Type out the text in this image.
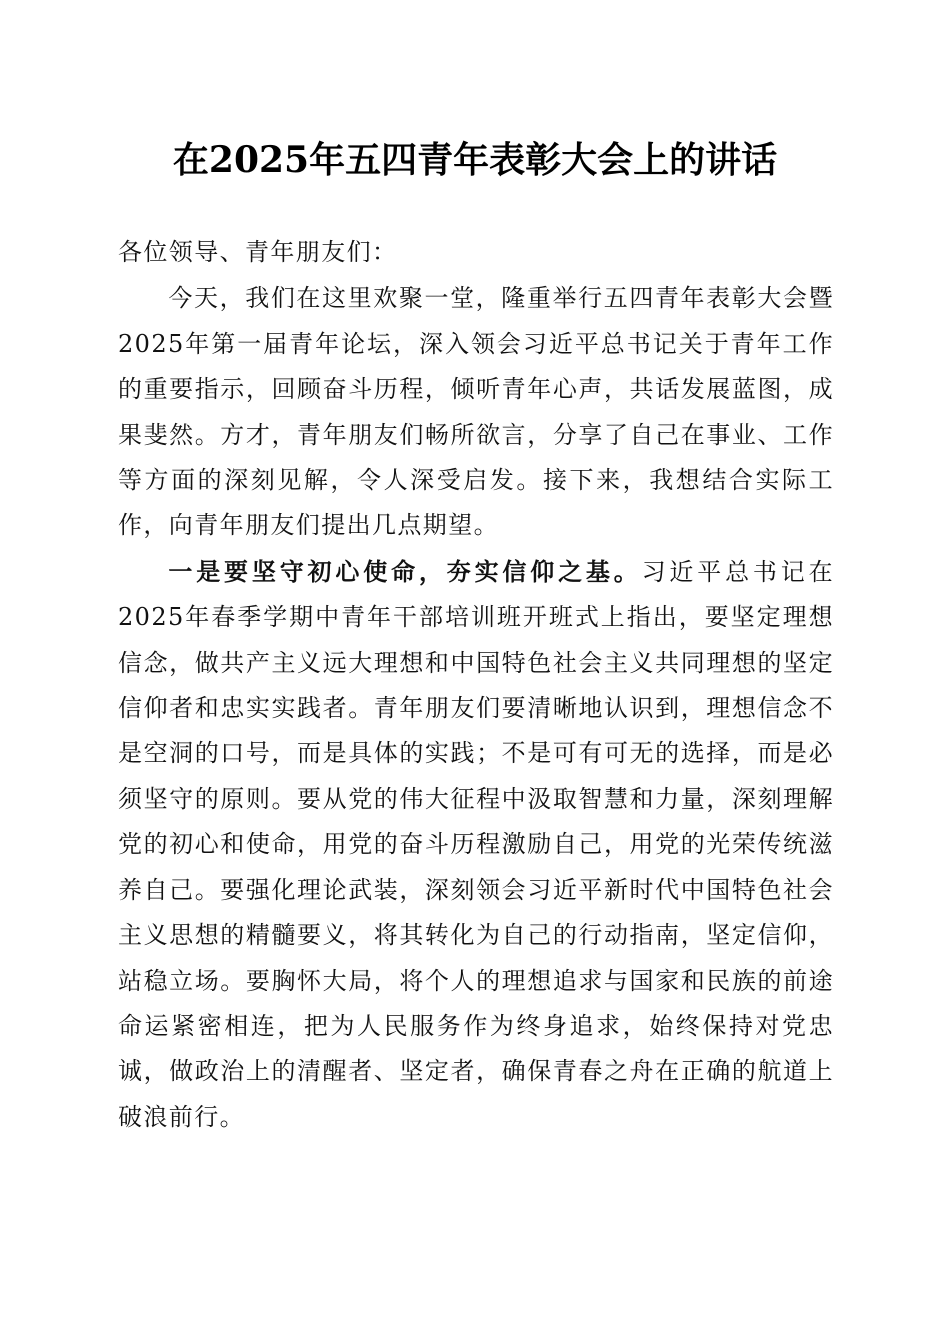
在2025年五四青年表彰大会上的讲话

各位领导、青年朋友们：

今天，我们在这里欢聚一堂，隆重举行五四青年表彰大会暨2025年第一届青年论坛，深入领会习近平总书记关于青年工作的重要指示，回顾奋斗历程，倾听青年心声，共话发展蓝图，成果斐然。方才，青年朋友们畅所欲言，分享了自己在事业、工作等方面的深刻见解，令人深受启发。接下来，我想结合实际工作，向青年朋友们提出几点期望。

一是要坚守初心使命，夯实信仰之基。习近平总书记在2025年春季学期中青年干部培训班开班式上指出，要坚定理想信念，做共产主义远大理想和中国特色社会主义共同理想的坚定信仰者和忠实实践者。青年朋友们要清晰地认识到，理想信念不是空洞的口号，而是具体的实践；不是可有可无的选择，而是必须坚守的原则。要从党的伟大征程中汲取智慧和力量，深刻理解党的初心和使命，用党的奋斗历程激励自己，用党的光荣传统滋养自己。要强化理论武装，深刻领会习近平新时代中国特色社会主义思想的精髓要义，将其转化为自己的行动指南，坚定信仰，站稳立场。要胸怀大局，将个人的理想追求与国家和民族的前途命运紧密相连，把为人民服务作为终身追求，始终保持对党忠诚，做政治上的清醒者、坚定者，确保青春之舟在正确的航道上破浪前行。
